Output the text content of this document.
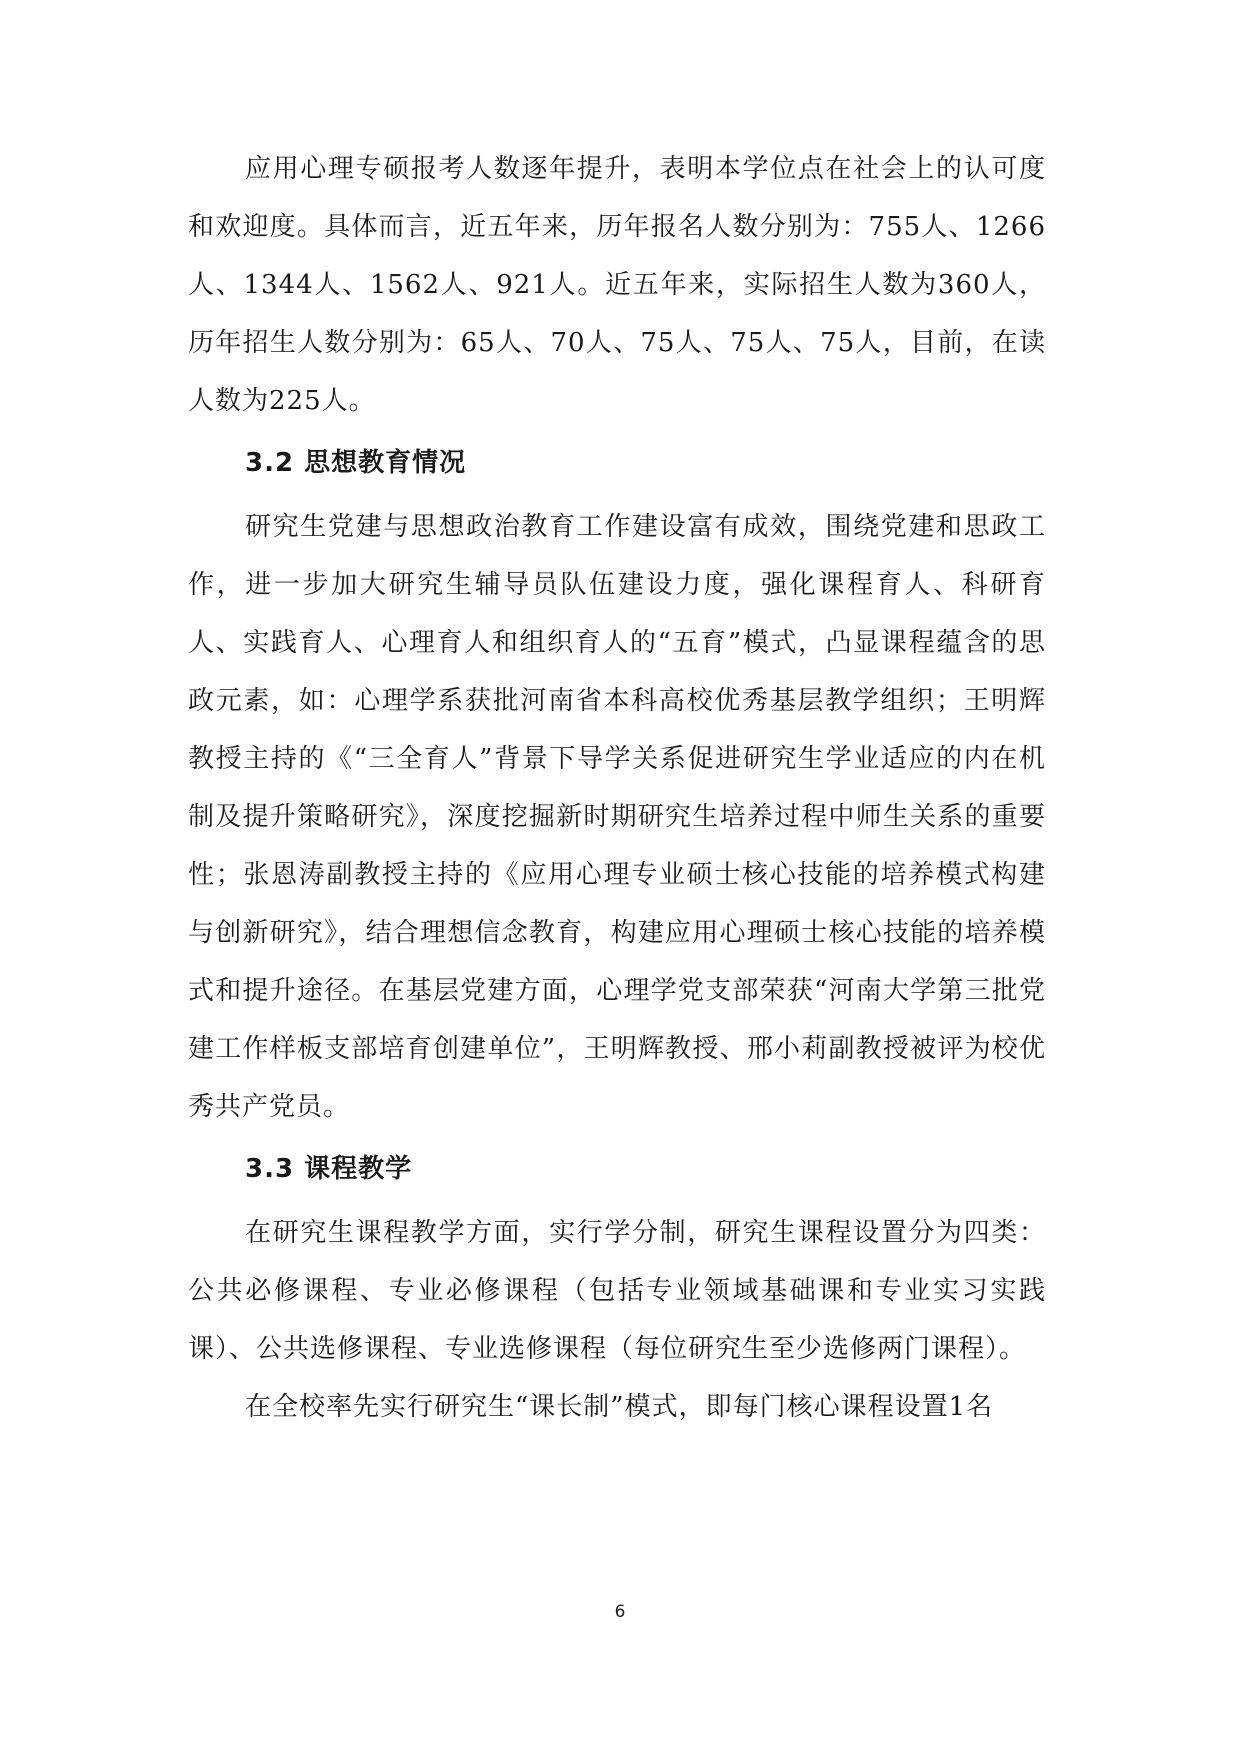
应用心理专硕报考人数逐年提升，表明本学位点在社会上的认可度和欢迎度。具体而言，近五年来，历年报名人数分别为：755人、1266人、1344人、1562人、921人。近五年来，实际招生人数为360人，历年招生人数分别为：65人、70人、75人、75人、75人，目前，在读人数为225人。

3.2 思想教育情况

研究生党建与思想政治教育工作建设富有成效，围绕党建和思政工作，进一步加大研究生辅导员队伍建设力度，强化课程育人、科研育人、实践育人、心理育人和组织育人的“五育”模式，凸显课程蕴含的思政元素，如：心理学系获批河南省本科高校优秀基层教学组织；王明辉教授主持的《“三全育人”背景下导学关系促进研究生学业适应的内在机制及提升策略研究》，深度挖掘新时期研究生培养过程中师生关系的重要性；张恩涛副教授主持的《应用心理专业硕士核心技能的培养模式构建与创新研究》，结合理想信念教育，构建应用心理硕士核心技能的培养模式和提升途径。在基层党建方面，心理学党支部荣获“河南大学第三批党建工作样板支部培育创建单位”，王明辉教授、邢小莉副教授被评为校优秀共产党员。

3.3 课程教学

在研究生课程教学方面，实行学分制，研究生课程设置分为四类：公共必修课程、专业必修课程（包括专业领域基础课和专业实习实践课）、公共选修课程、专业选修课程（每位研究生至少选修两门课程）。

在全校率先实行研究生“课长制”模式，即每门核心课程设置1名

6
